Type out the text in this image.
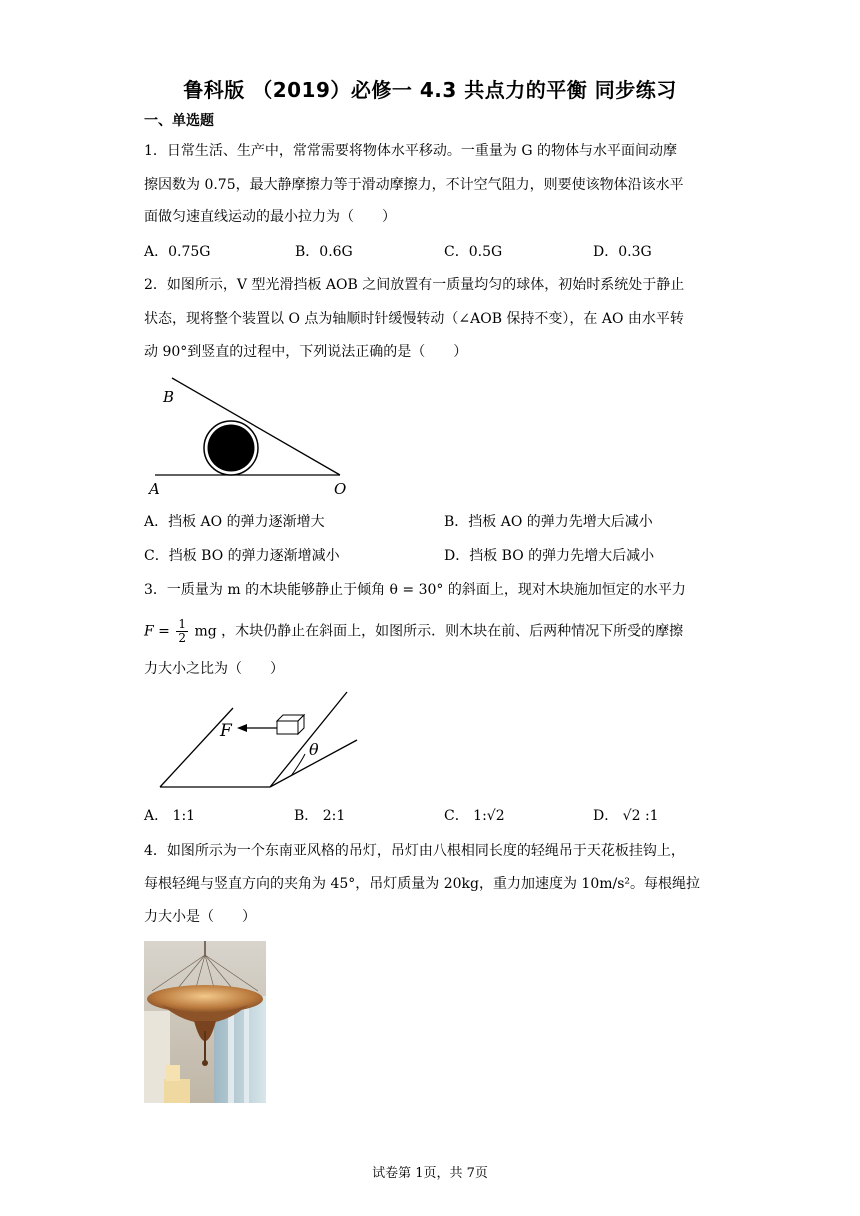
鲁科版 （2019）必修一 4.3 共点力的平衡 同步练习
一、单选题
1．日常生活、生产中，常常需要将物体水平移动。一重量为 G 的物体与水平面间动摩
擦因数为 0.75，最大静摩擦力等于滑动摩擦力，不计空气阻力，则要使该物体沿该水平
面做匀速直线运动的最小拉力为（　　）
A．0.75G	B．0.6G	C．0.5G	D．0.3G
2．如图所示，V 型光滑挡板 AOB 之间放置有一质量均匀的球体，初始时系统处于静止
状态，现将整个装置以 O 点为轴顺时针缓慢转动（∠AOB 保持不变），在 AO 由水平转
动 90°到竖直的过程中，下列说法正确的是（　　）
B
A	O
A．挡板 AO 的弹力逐渐增大	B．挡板 AO 的弹力先增大后减小
C．挡板 BO 的弹力逐渐增减小	D．挡板 BO 的弹力先增大后减小
3．一质量为 m 的木块能够静止于倾角 θ = 30° 的斜面上，现对木块施加恒定的水平力
$F = \frac{1}{2}$ mg ，木块仍静止在斜面上，如图所示．则木块在前、后两种情况下所受的摩擦
力大小之比为（　　）
F
θ
A． 1:1	B． 2:1	C． 1:√2	D． √2 :1
4．如图所示为一个东南亚风格的吊灯，吊灯由八根相同长度的轻绳吊于天花板挂钩上，
每根轻绳与竖直方向的夹角为 45°，吊灯质量为 20kg，重力加速度为 10m/s²。每根绳拉
力大小是（　　）
试卷第 1页，共 7页
